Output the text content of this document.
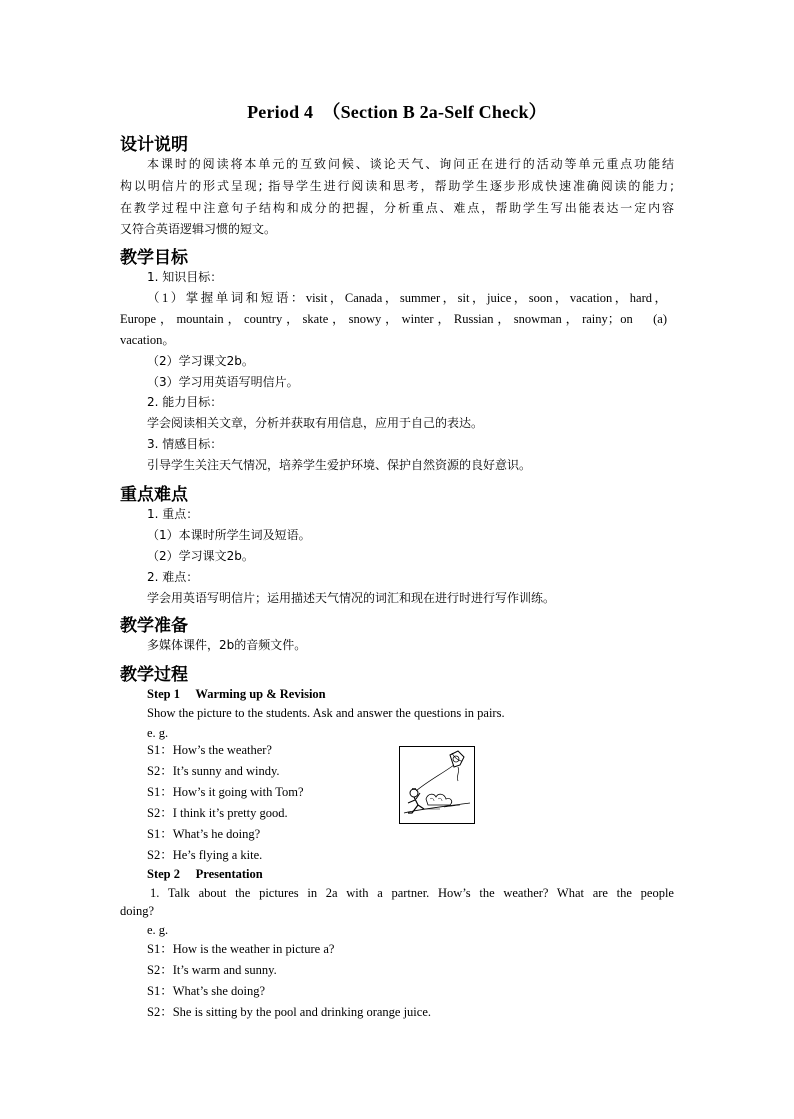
Period 4　（Section B 2a-Self Check）
设计说明
本课时的阅读将本单元的互致问候、谈论天气、询问正在进行的活动等单元重点功能结
构以明信片的形式呈现; 指导学生进行阅读和思考，帮助学生逐步形成快速准确阅读的能力;
在教学过程中注意句子结构和成分的把握，分析重点、难点，帮助学生写出能表达一定内容
又符合英语逻辑习惯的短文。
教学目标
1. 知识目标：
（1）掌握单词和短语：visit，Canada，summer，sit，juice，soon，vacation，hard，
Europe，mountain，country，skate，snowy，winter，Russian，snowman，rainy；on　(a)
vacation。
（2）学习课文2b。
（3）学习用英语写明信片。
2. 能力目标：
学会阅读相关文章，分析并获取有用信息，应用于自己的表达。
3. 情感目标：
引导学生关注天气情况，培养学生爱护环境、保护自然资源的良好意识。
重点难点
1. 重点：
（1）本课时所学生词及短语。
（2）学习课文2b。
2. 难点：
学会用英语写明信片；运用描述天气情况的词汇和现在进行时进行写作训练。
教学准备
多媒体课件，2b的音频文件。
教学过程
Step 1　 Warming up & Revision
Show the picture to the students. Ask and answer the questions in pairs.
e. g.
S1：How’s the weather?
S2：It’s sunny and windy.
S1：How’s it going with Tom?
S2：I think it’s pretty good.
S1：What’s he doing?
S2：He’s flying a kite.
Step 2　 Presentation
1. Talk about the pictures in 2a with a partner. How’s the weather? What are the people
doing?
e. g.
S1：How is the weather in picture a?
S2：It’s warm and sunny.
S1：What’s she doing?
S2：She is sitting by the pool and drinking orange juice.
